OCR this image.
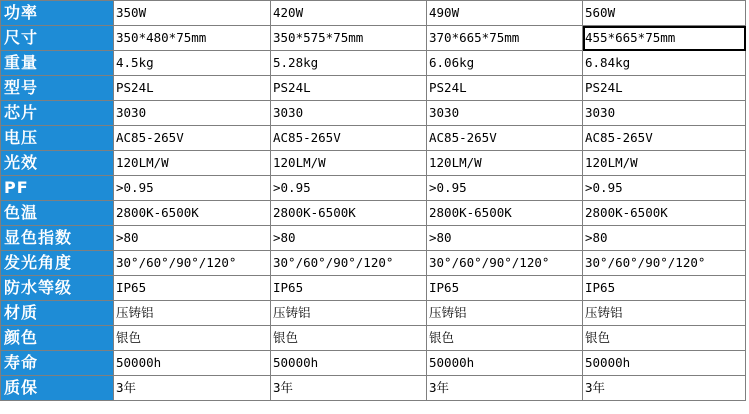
功率	350W	420W	490W	560W
尺寸	350*480*75mm	350*575*75mm	370*665*75mm	455*665*75mm
重量	4.5kg	5.28kg	6.06kg	6.84kg
型号	PS24L	PS24L	PS24L	PS24L
芯片	3030	3030	3030	3030
电压	AC85-265V	AC85-265V	AC85-265V	AC85-265V
光效	120LM/W	120LM/W	120LM/W	120LM/W
PF	>0.95	>0.95	>0.95	>0.95
色温	2800K-6500K	2800K-6500K	2800K-6500K	2800K-6500K
显色指数	>80	>80	>80	>80
发光角度	30°/60°/90°/120°	30°/60°/90°/120°	30°/60°/90°/120°	30°/60°/90°/120°
防水等级	IP65	IP65	IP65	IP65
材质	压铸铝	压铸铝	压铸铝	压铸铝
颜色	银色	银色	银色	银色
寿命	50000h	50000h	50000h	50000h
质保	3年	3年	3年	3年
